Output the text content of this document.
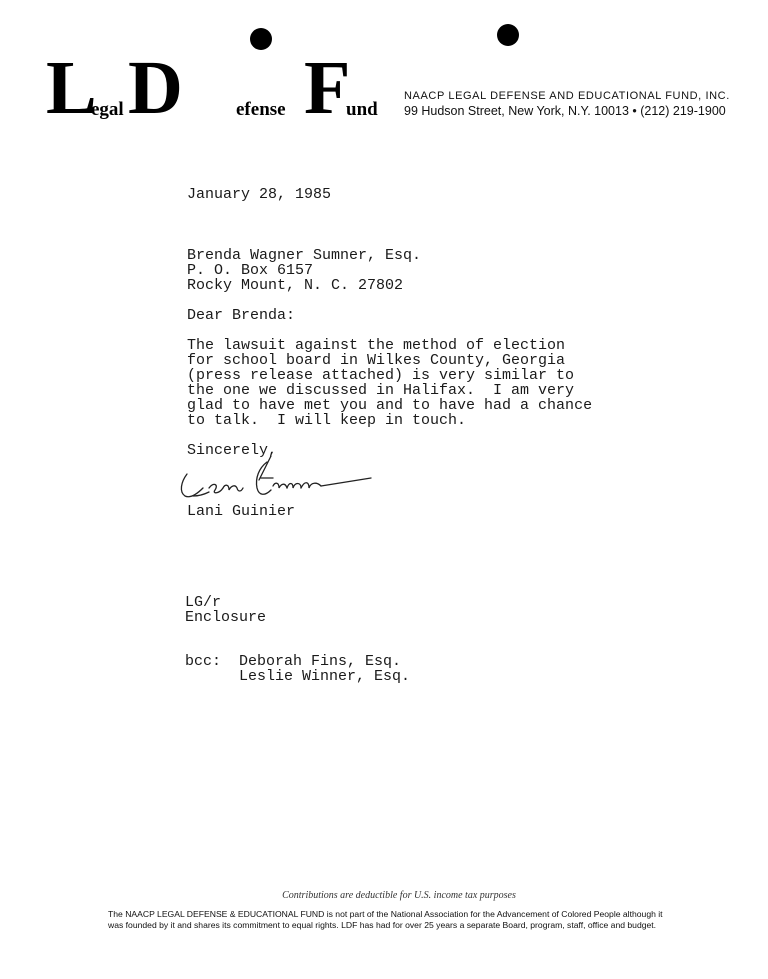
L
egal D	efense F
und
NAACP LEGAL DEFENSE AND EDUCATIONAL FUND, INC.
99 Hudson Street, New York, N.Y. 10013 • (212) 219-1900
January 28, 1985
Brenda Wagner Sumner, Esq.
P. O. Box 6157
Rocky Mount, N. C. 27802
Dear Brenda:
The lawsuit against the method of election
for school board in Wilkes County, Georgia
(press release attached) is very similar to
the one we discussed in Halifax.  I am very
glad to have met you and to have had a chance
to talk.  I will keep in touch.
Sincerely,
Lani Guinier
LG/r
Enclosure
bcc: Deborah Fins, Esq.
Leslie Winner, Esq.
Contributions are deductible for U.S. income tax purposes
The NAACP LEGAL DEFENSE & EDUCATIONAL FUND is not part of the National Association for the Advancement of Colored People although it
was founded by it and shares its commitment to equal rights. LDF has had for over 25 years a separate Board, program, staff, office and budget.
